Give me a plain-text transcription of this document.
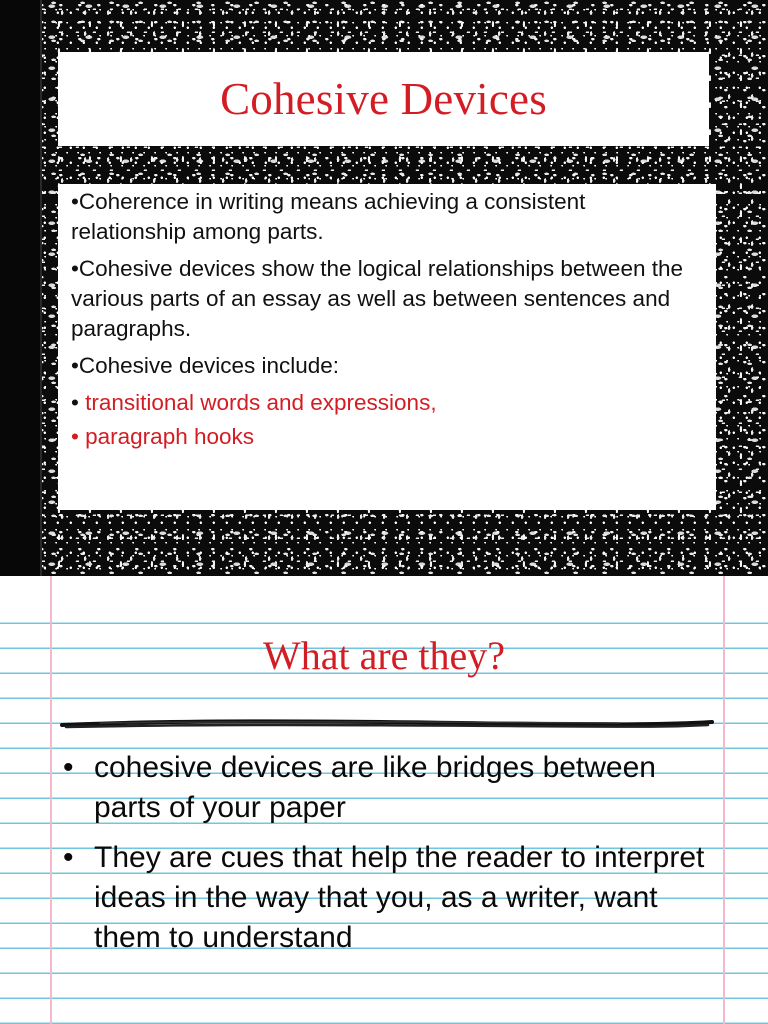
Cohesive Devices

•Coherence in writing means achieving a consistent relationship among parts.

•Cohesive devices show the logical relationships between the various parts of an essay as well as between sentences and paragraphs.

•Cohesive devices include:

• transitional words and expressions,

• paragraph hooks

What are they?
• cohesive devices are like bridges between parts of your paper
• They are cues that help the reader to interpret ideas in the way that you, as a writer, want them to understand
